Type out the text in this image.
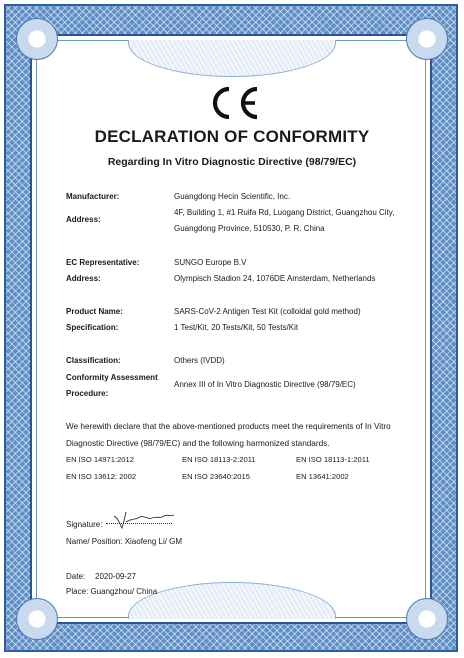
DECLARATION OF CONFORMITY
Regarding In Vitro Diagnostic Directive (98/79/EC)
Manufacturer:	Guangdong Hecin Scientific, Inc.
Address:
4F, Building 1, #1 Ruifa Rd, Luogang District, Guangzhou City,
Guangdong Province, 510530, P. R. China
EC Representative:	SUNGO Europe B.V
Address:	Olympisch Stadion 24, 1076DE Amsterdam, Netherlands
Product Name:	SARS-CoV-2 Antigen Test Kit (colloidal gold method)
Specification:	1 Test/Kit, 20 Tests/Kit, 50 Tests/Kit
Classification:	Others (IVDD)
Conformity Assessment
Procedure:
Annex III of In Vitro Diagnostic Directive (98/79/EC)
We herewith declare that the above-mentioned products meet the requirements of In Vitro
Diagnostic Directive (98/79/EC) and the following harmonized standards.
EN ISO 14971:2012	EN ISO 18113-2:2011	EN ISO 18113-1:2011
EN ISO 13612: 2002	EN ISO 23640:2015	EN 13641:2002
Signature:
Name/ Position: Xiaofeng Li/ GM
Date: 2020-09-27
Place: Guangzhou/ China
